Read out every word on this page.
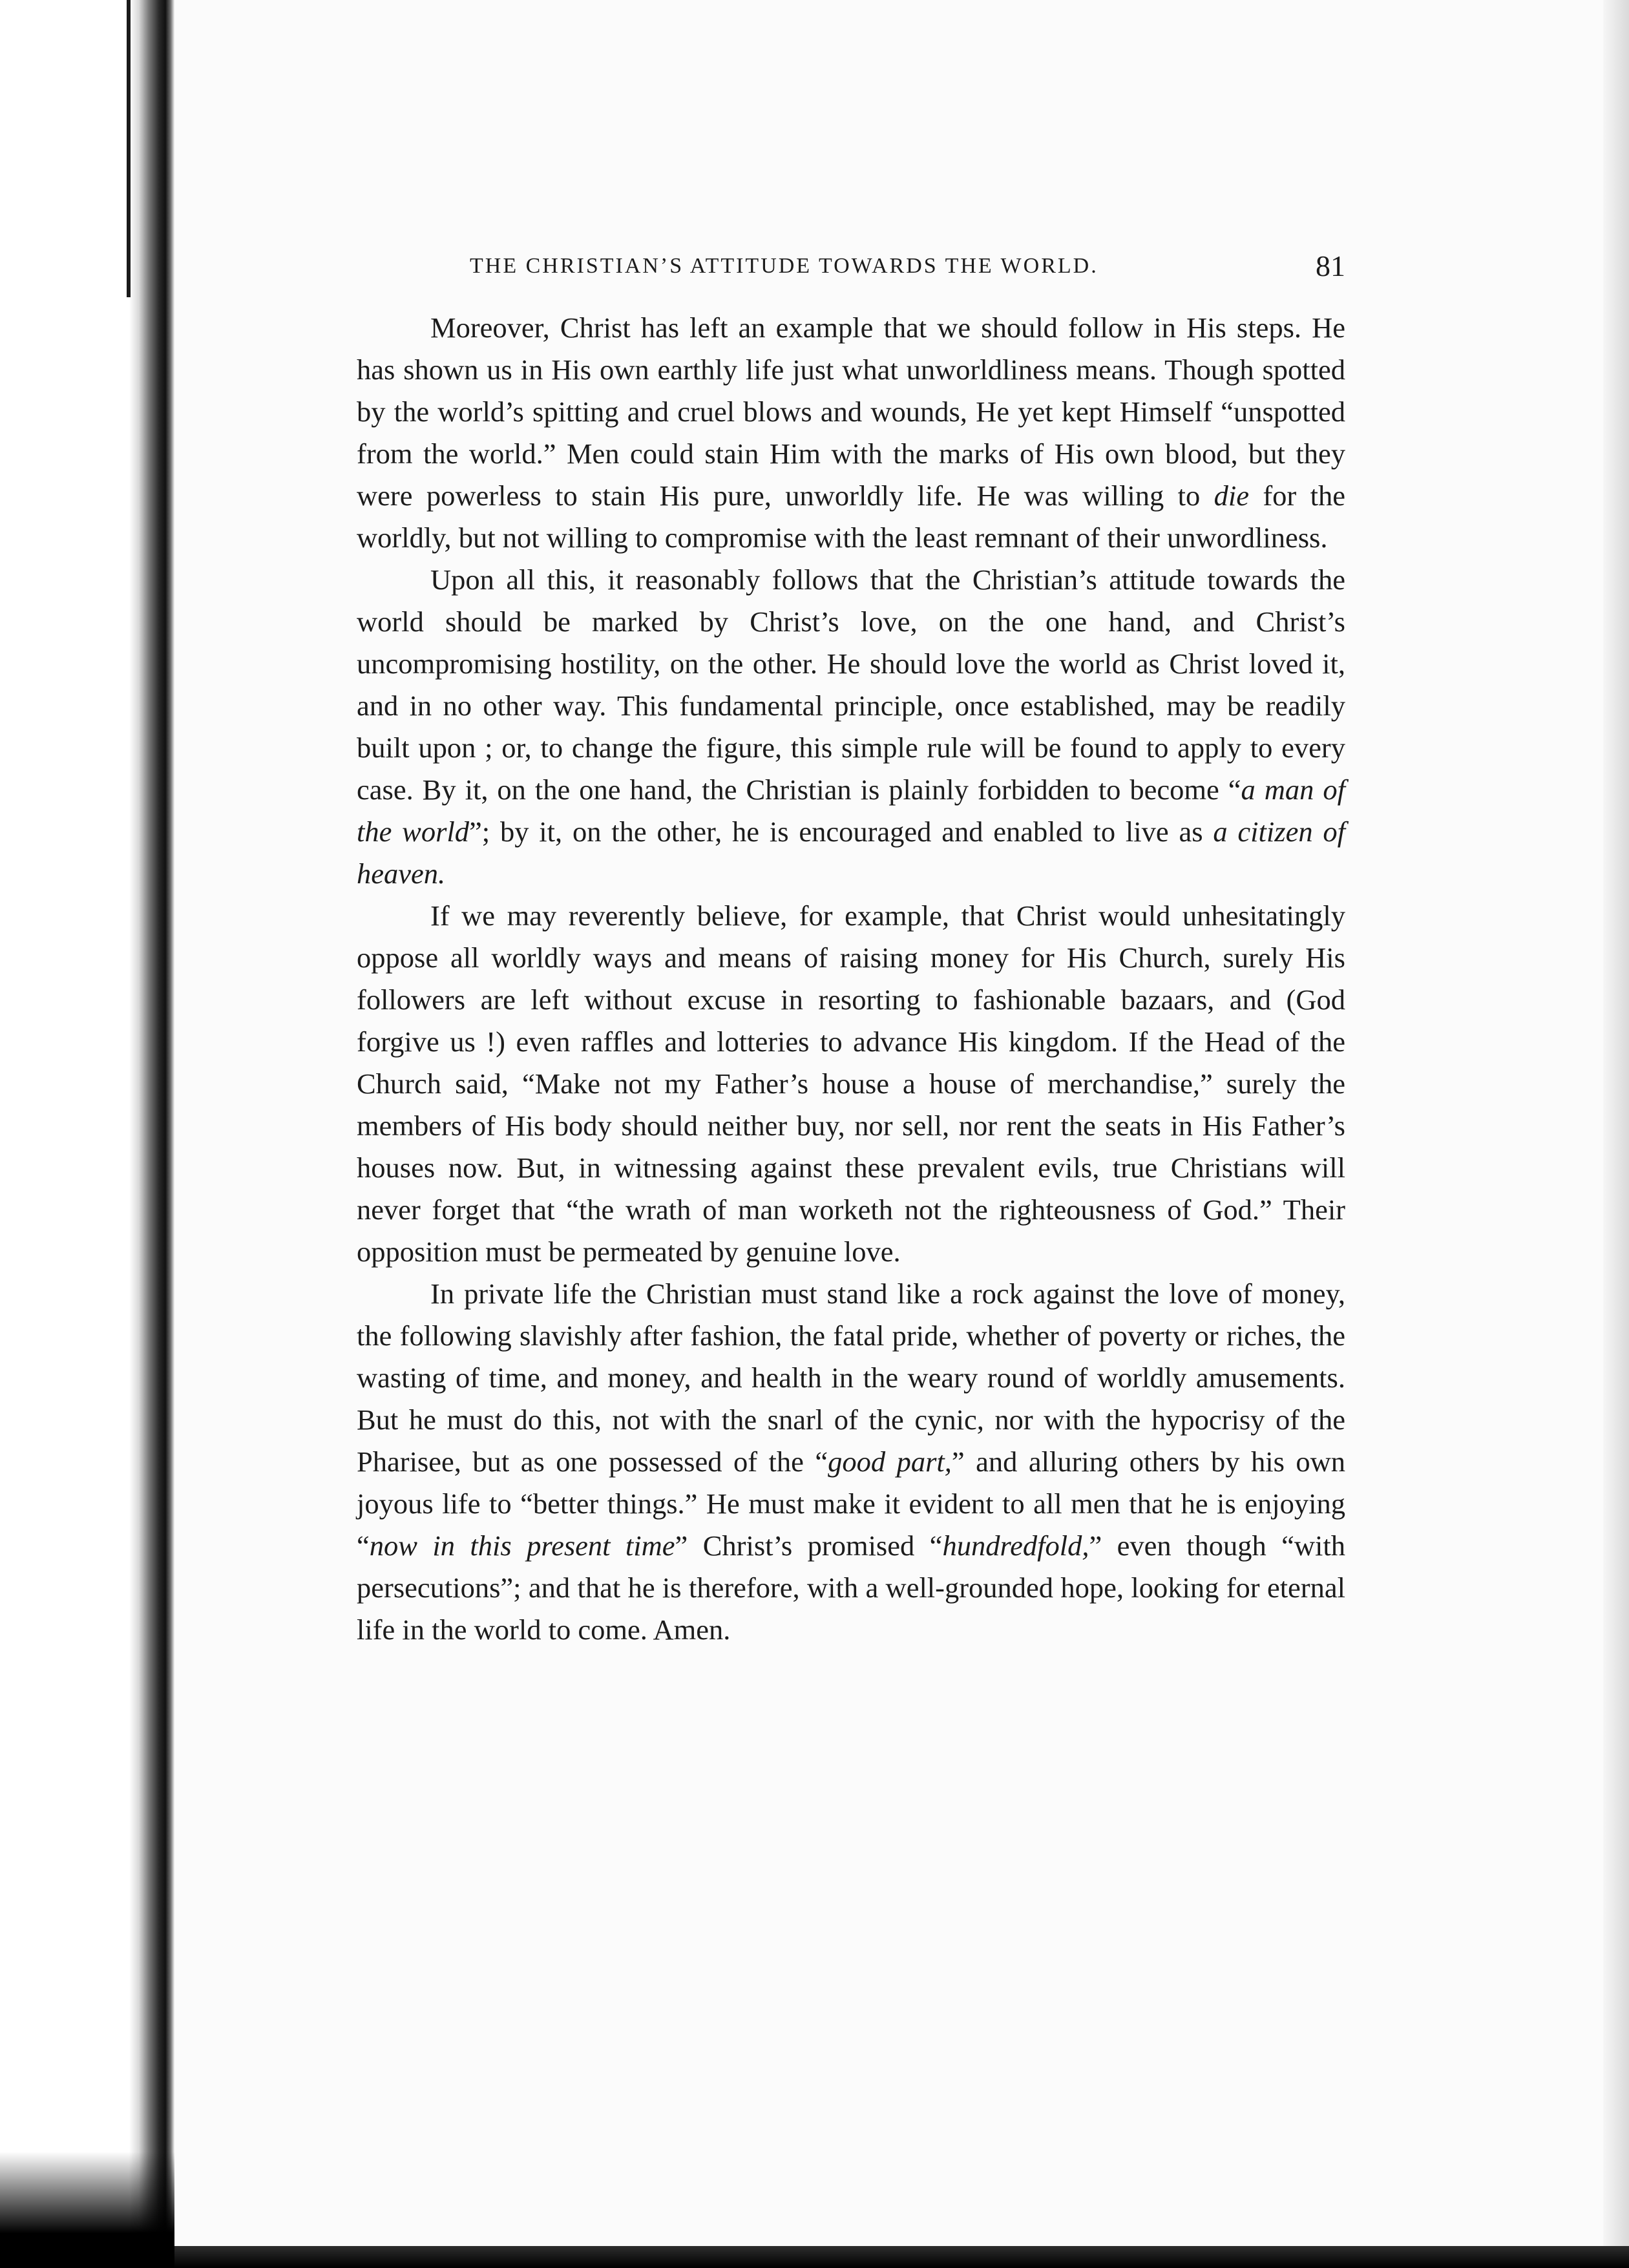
THE CHRISTIAN’S ATTITUDE TOWARDS THE WORLD.	81

Moreover, Christ has left an example that we should follow in His steps. He has shown us in His own earthly life just what unworldliness means. Though spotted by the world’s spitting and cruel blows and wounds, He yet kept Himself “unspotted from the world.” Men could stain Him with the marks of His own blood, but they were powerless to stain His pure, unworldly life. He was willing to die for the worldly, but not willing to compromise with the least remnant of their unwordliness.

Upon all this, it reasonably follows that the Christian’s attitude towards the world should be marked by Christ’s love, on the one hand, and Christ’s uncompromising hostility, on the other. He should love the world as Christ loved it, and in no other way. This fundamental principle, once established, may be readily built upon ; or, to change the figure, this simple rule will be found to apply to every case. By it, on the one hand, the Christian is plainly forbidden to become “a man of the world”; by it, on the other, he is encouraged and enabled to live as a citizen of heaven.

If we may reverently believe, for example, that Christ would unhesitatingly oppose all worldly ways and means of raising money for His Church, surely His followers are left without excuse in resorting to fashionable bazaars, and (God forgive us !) even raffles and lotteries to advance His kingdom. If the Head of the Church said, “Make not my Father’s house a house of merchandise,” surely the members of His body should neither buy, nor sell, nor rent the seats in His Father’s houses now. But, in witnessing against these prevalent evils, true Christians will never forget that “the wrath of man worketh not the righteousness of God.” Their opposition must be permeated by genuine love.

In private life the Christian must stand like a rock against the love of money, the following slavishly after fashion, the fatal pride, whether of poverty or riches, the wasting of time, and money, and health in the weary round of worldly amusements. But he must do this, not with the snarl of the cynic, nor with the hypocrisy of the Pharisee, but as one possessed of the “good part,” and alluring others by his own joyous life to “better things.” He must make it evident to all men that he is enjoying “now in this present time” Christ’s promised “hundredfold,” even though “with persecutions”; and that he is therefore, with a well-grounded hope, looking for eternal life in the world to come. Amen.
